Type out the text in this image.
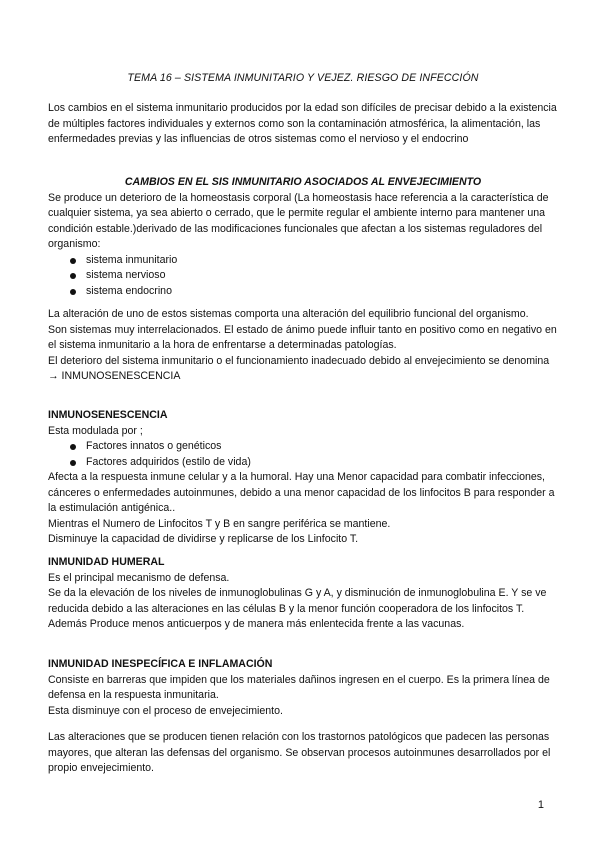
TEMA 16 – SISTEMA INMUNITARIO Y VEJEZ. RIESGO DE INFECCIÓN

Los cambios en el sistema inmunitario producidos por la edad son difíciles de precisar debido a la existencia de múltiples factores individuales y externos como son la contaminación atmosférica, la alimentación, las enfermedades previas y las influencias de otros sistemas como el nervioso y el endocrino

CAMBIOS EN EL SIS INMUNITARIO ASOCIADOS AL ENVEJECIMIENTO

Se produce un deterioro de la homeostasis corporal (La homeostasis hace referencia a la característica de cualquier sistema, ya sea abierto o cerrado, que le permite regular el ambiente interno para mantener una condición estable.)derivado de las modificaciones funcionales que afectan a los sistemas reguladores del organismo:

sistema inmunitario
sistema nervioso
sistema endocrino

La alteración de uno de estos sistemas comporta una alteración del equilibrio funcional del organismo.

Son sistemas muy interrelacionados. El estado de ánimo puede influir tanto en positivo como en negativo en el sistema inmunitario a la hora de enfrentarse a determinadas patologías.

El deterioro del sistema inmunitario o el funcionamiento inadecuado debido al envejecimiento se denomina → INMUNOSENESCENCIA

INMUNOSENESCENCIA

Esta modulada por ;

Factores innatos o genéticos
Factores adquiridos (estilo de vida)

Afecta a la respuesta inmune celular y a la humoral. Hay una Menor capacidad para combatir infecciones, cánceres o enfermedades autoinmunes, debido a una menor capacidad de los linfocitos B para responder a la estimulación antigénica..

Mientras el Numero de Linfocitos T y B en sangre periférica se mantiene.

Disminuye la capacidad de dividirse y replicarse de los Linfocito T.

INMUNIDAD HUMERAL

Es el principal mecanismo de defensa.

Se da la elevación de los niveles de inmunoglobulinas G y A, y disminución de inmunoglobulina E. Y se ve reducida debido a las alteraciones en las células B y la menor función cooperadora de los linfocitos T.

Además Produce menos anticuerpos y de manera más enlentecida frente a las vacunas.

INMUNIDAD INESPECÍFICA E INFLAMACIÓN

Consiste en barreras que impiden que los materiales dañinos ingresen en el cuerpo. Es la primera línea de defensa en la respuesta inmunitaria.

Esta disminuye con el proceso de envejecimiento.

Las alteraciones que se producen tienen relación con los trastornos patológicos que padecen las personas mayores, que alteran las defensas del organismo. Se observan procesos autoinmunes desarrollados por el propio envejecimiento.

1
